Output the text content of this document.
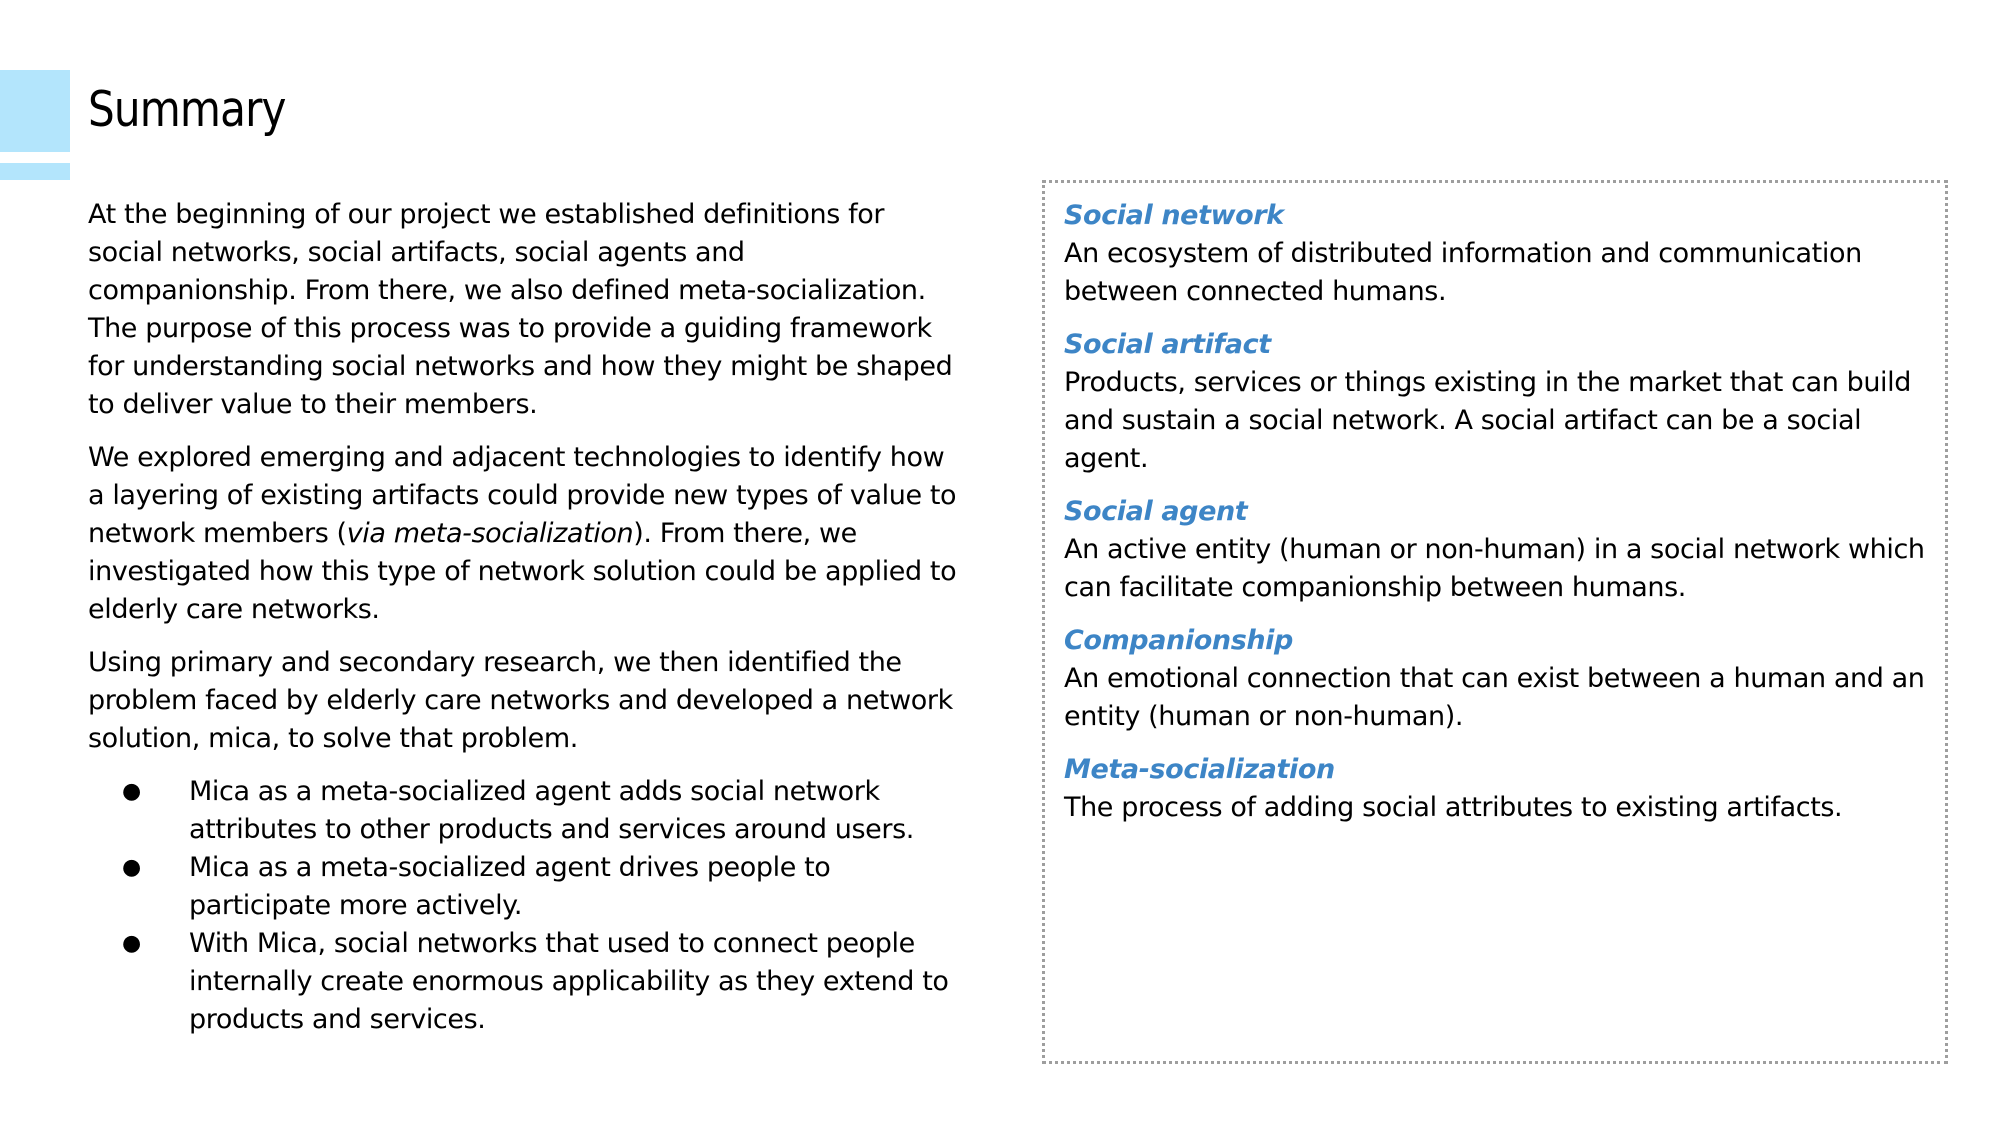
Summary

At the beginning of our project we established definitions for social networks, social artifacts, social agents and companionship. From there, we also defined meta-socialization. The purpose of this process was to provide a guiding framework for understanding social networks and how they might be shaped to deliver value to their members.

We explored emerging and adjacent technologies to identify how a layering of existing artifacts could provide new types of value to network members (via meta-socialization). From there, we investigated how this type of network solution could be applied to elderly care networks.

Using primary and secondary research, we then identified the problem faced by elderly care networks and developed a network solution, mica, to solve that problem.

● Mica as a meta-socialized agent adds social network attributes to other products and services around users.
● Mica as a meta-socialized agent drives people to participate more actively.
● With Mica, social networks that used to connect people internally create enormous applicability as they extend to products and services.
Social network
An ecosystem of distributed information and communication between connected humans.
Social artifact
Products, services or things existing in the market that can build and sustain a social network. A social artifact can be a social agent.
Social agent
An active entity (human or non-human) in a social network which can facilitate companionship between humans.
Companionship
An emotional connection that can exist between a human and an entity (human or non-human).
Meta-socialization
The process of adding social attributes to existing artifacts.
